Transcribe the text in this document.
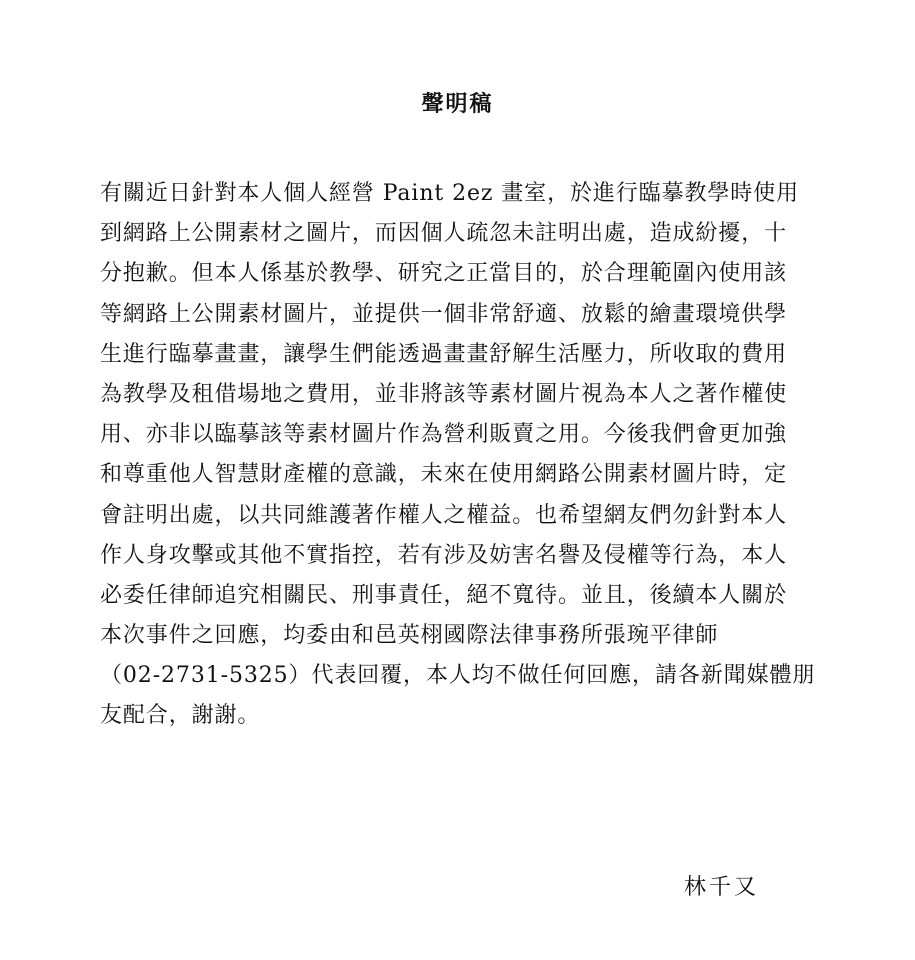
聲明稿
有關近日針對本人個人經營 Paint 2ez 畫室，於進行臨摹教學時使用
到網路上公開素材之圖片，而因個人疏忽未註明出處，造成紛擾，十
分抱歉。但本人係基於教學、研究之正當目的，於合理範圍內使用該
等網路上公開素材圖片，並提供一個非常舒適、放鬆的繪畫環境供學
生進行臨摹畫畫，讓學生們能透過畫畫舒解生活壓力，所收取的費用
為教學及租借場地之費用，並非將該等素材圖片視為本人之著作權使
用、亦非以臨摹該等素材圖片作為營利販賣之用。今後我們會更加強
和尊重他人智慧財產權的意識，未來在使用網路公開素材圖片時，定
會註明出處，以共同維護著作權人之權益。也希望網友們勿針對本人
作人身攻擊或其他不實指控，若有涉及妨害名譽及侵權等行為，本人
必委任律師追究相關民、刑事責任，絕不寬待。並且，後續本人關於
本次事件之回應，均委由和邑英栩國際法律事務所張琬平律師
（02-2731-5325）代表回覆，本人均不做任何回應，請各新聞媒體朋
友配合，謝謝。
林千又
